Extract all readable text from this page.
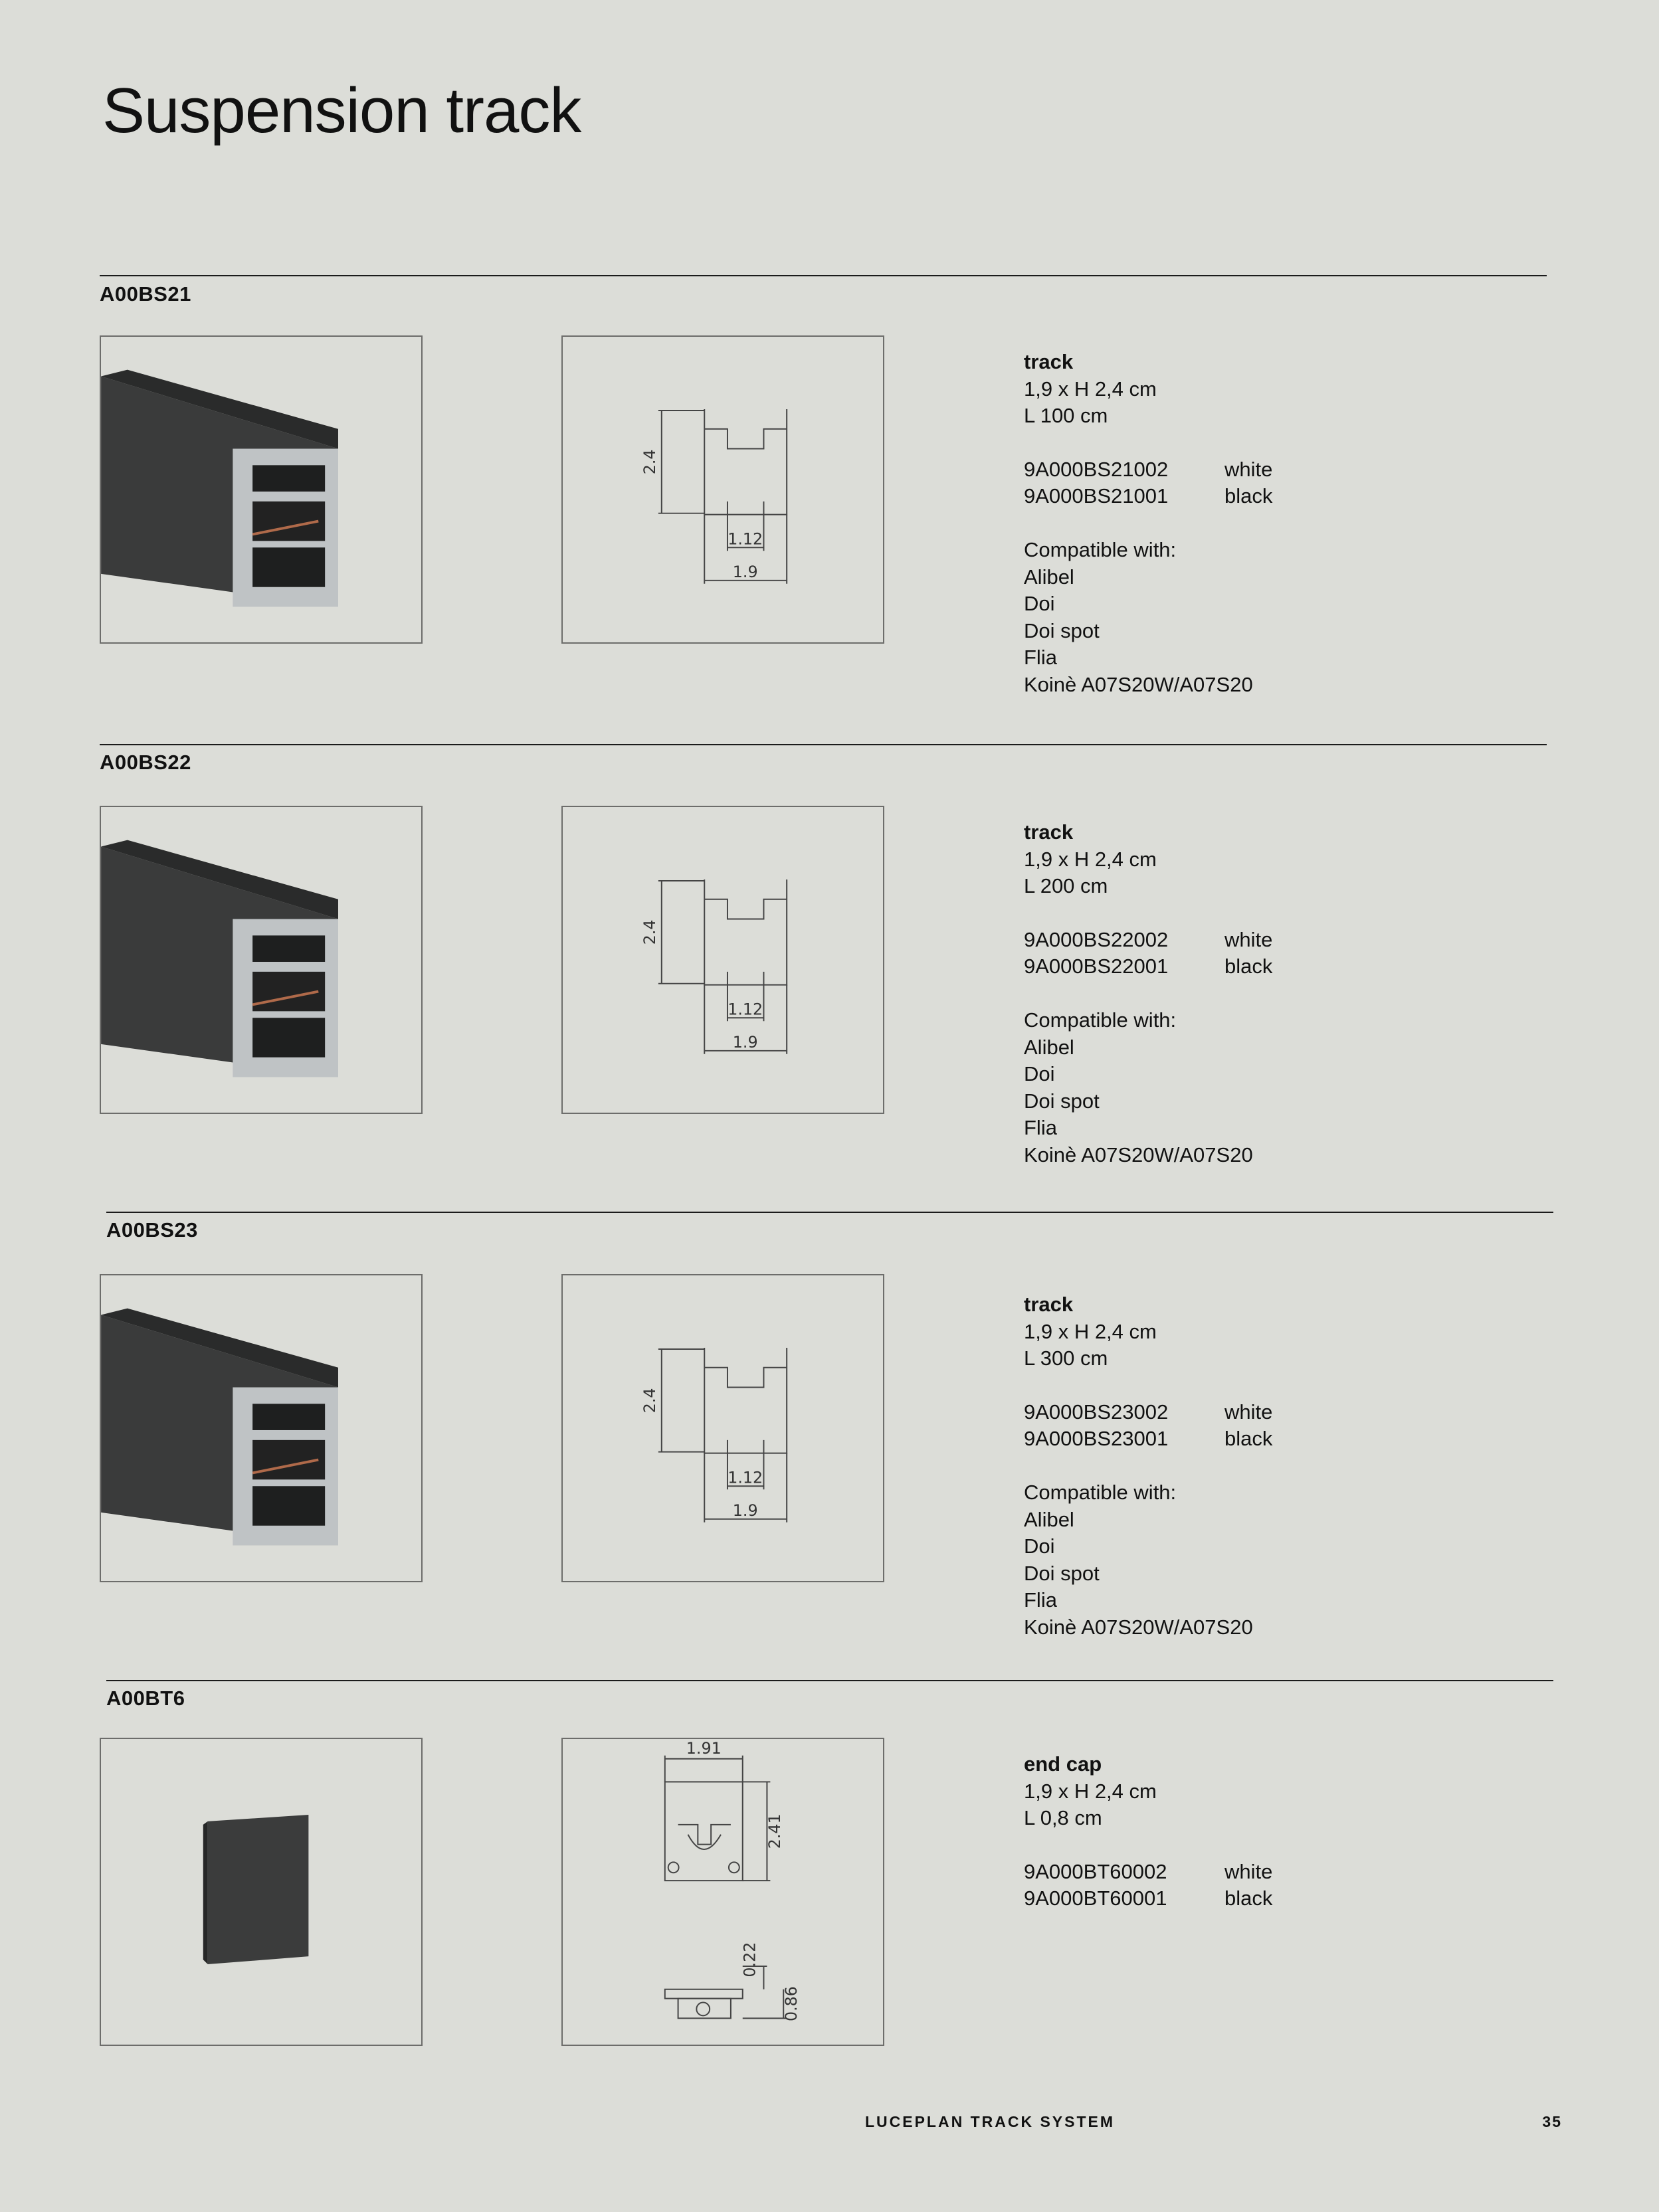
Suspension track
A00BS21
2.4
1.12
1.9
track
1,9 x H 2,4 cm
L 100 cm
9A000BS21002	white
9A000BS21001	black
Compatible with:
Alibel
Doi
Doi spot
Flia
Koinè A07S20W/A07S20
A00BS22
2.4
1.12
1.9
track
1,9 x H 2,4 cm
L 200 cm
9A000BS22002	white
9A000BS22001	black
Compatible with:
Alibel
Doi
Doi spot
Flia
Koinè A07S20W/A07S20
A00BS23
2.4
1.12
1.9
track
1,9 x H 2,4 cm
L 300 cm
9A000BS23002	white
9A000BS23001	black
Compatible with:
Alibel
Doi
Doi spot
Flia
Koinè A07S20W/A07S20
A00BT6
1.91
2.41
0.22
0.86
end cap
1,9 x H 2,4 cm
L 0,8 cm
9A000BT60002	white
9A000BT60001	black
LUCEPLAN TRACK SYSTEM	35
